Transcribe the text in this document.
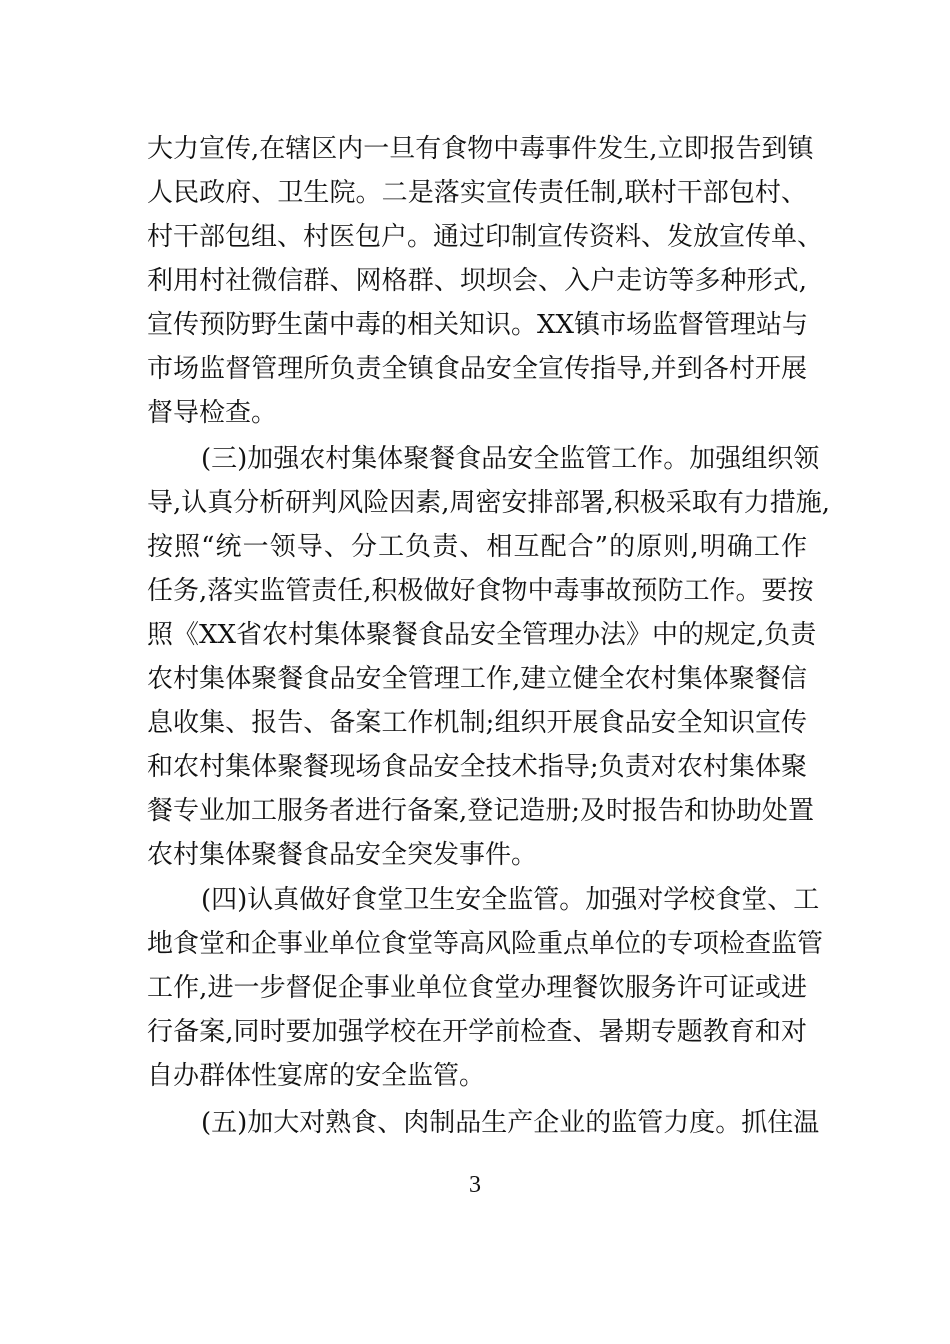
大力宣传,在辖区内一旦有食物中毒事件发生,立即报告到镇
人民政府、卫生院。二是落实宣传责任制,联村干部包村、
村干部包组、村医包户。通过印制宣传资料、发放宣传单、
利用村社微信群、网格群、坝坝会、入户走访等多种形式,
宣传预防野生菌中毒的相关知识。XX镇市场监督管理站与
市场监督管理所负责全镇食品安全宣传指导,并到各村开展
督导检查。
(三)加强农村集体聚餐食品安全监管工作。加强组织领
导,认真分析研判风险因素,周密安排部署,积极采取有力措施,
按照“统一领导、分工负责、相互配合”的原则,明确工作
任务,落实监管责任,积极做好食物中毒事故预防工作。要按
照《XX省农村集体聚餐食品安全管理办法》中的规定,负责
农村集体聚餐食品安全管理工作,建立健全农村集体聚餐信
息收集、报告、备案工作机制;组织开展食品安全知识宣传
和农村集体聚餐现场食品安全技术指导;负责对农村集体聚
餐专业加工服务者进行备案,登记造册;及时报告和协助处置
农村集体聚餐食品安全突发事件。
(四)认真做好食堂卫生安全监管。加强对学校食堂、工
地食堂和企事业单位食堂等高风险重点单位的专项检查监管
工作,进一步督促企事业单位食堂办理餐饮服务许可证或进
行备案,同时要加强学校在开学前检查、暑期专题教育和对
自办群体性宴席的安全监管。
(五)加大对熟食、肉制品生产企业的监管力度。抓住温
3
